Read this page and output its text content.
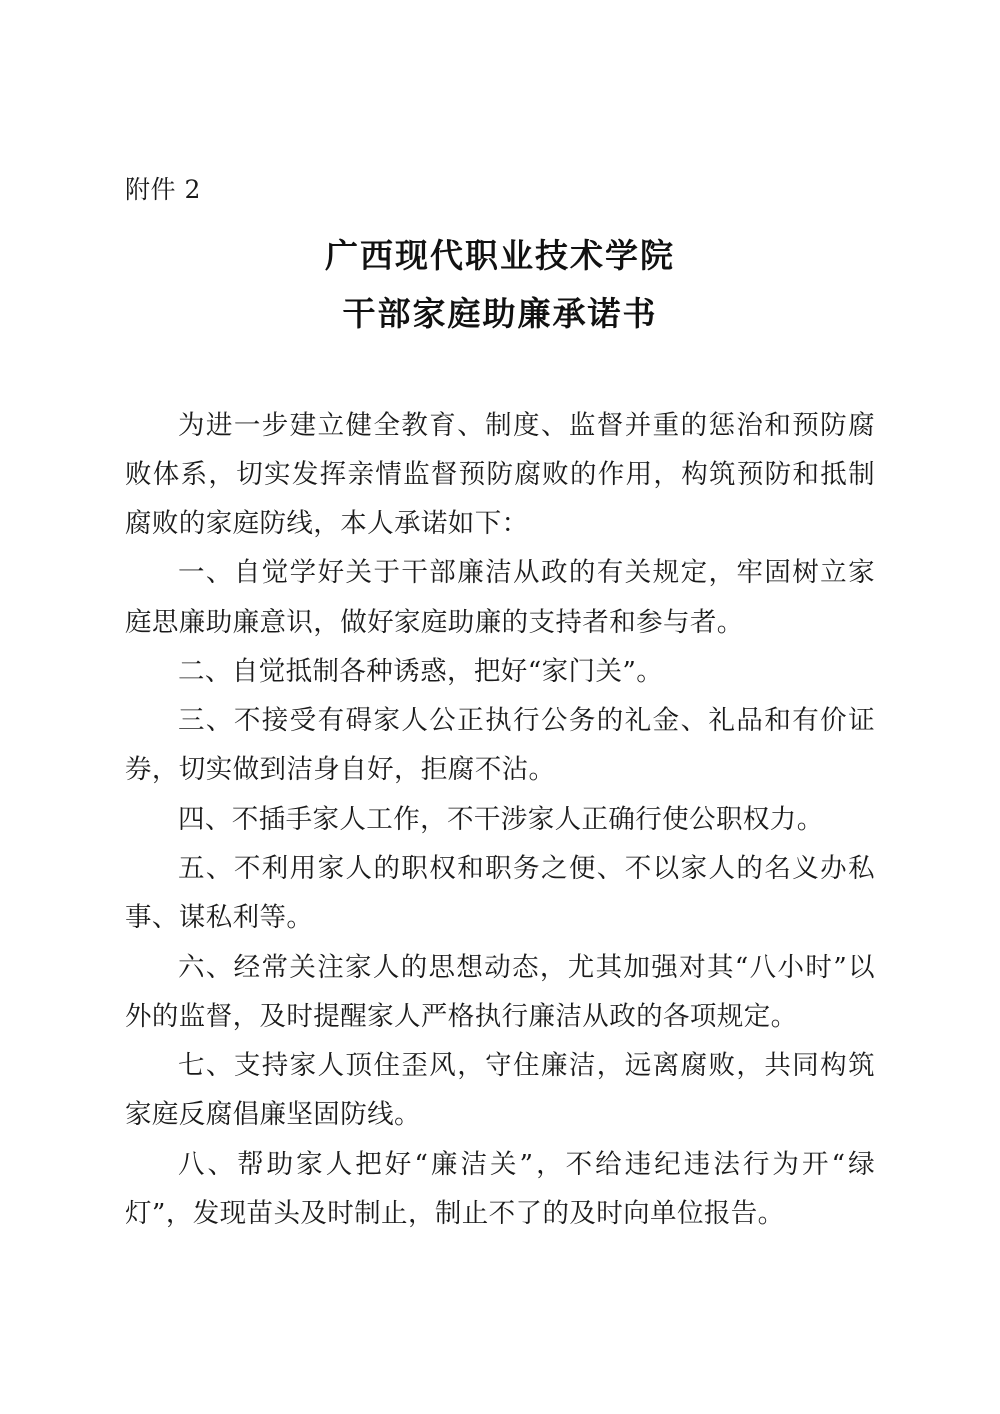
附件 2
广西现代职业技术学院
干部家庭助廉承诺书

为进一步建立健全教育、制度、监督并重的惩治和预防腐败体系，切实发挥亲情监督预防腐败的作用，构筑预防和抵制腐败的家庭防线，本人承诺如下：

一、自觉学好关于干部廉洁从政的有关规定，牢固树立家庭思廉助廉意识，做好家庭助廉的支持者和参与者。

二、自觉抵制各种诱惑，把好“家门关”。

三、不接受有碍家人公正执行公务的礼金、礼品和有价证券，切实做到洁身自好，拒腐不沾。

四、不插手家人工作，不干涉家人正确行使公职权力。

五、不利用家人的职权和职务之便、不以家人的名义办私事、谋私利等。

六、经常关注家人的思想动态，尤其加强对其“八小时”以外的监督，及时提醒家人严格执行廉洁从政的各项规定。

七、支持家人顶住歪风，守住廉洁，远离腐败，共同构筑家庭反腐倡廉坚固防线。

八、帮助家人把好“廉洁关”，不给违纪违法行为开“绿灯”，发现苗头及时制止，制止不了的及时向单位报告。
